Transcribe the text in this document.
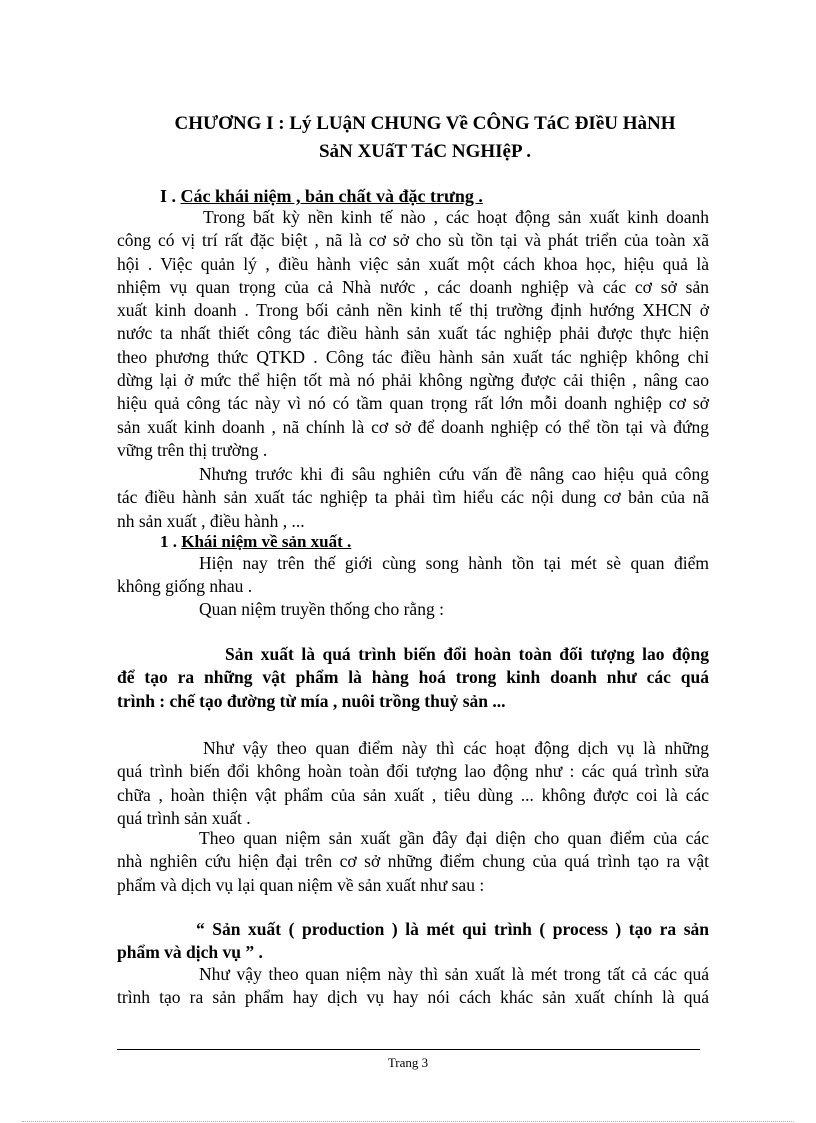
CHƯƠNG I : Lý LUậN CHUNG Về CÔNG TáC ĐIềU HàNH
SảN XUấT TáC NGHIệP .
I . Các khái niệm , bản chất và đặc trưng .
Trong bất kỳ nền kinh tế nào , các hoạt động sản xuất kinh doanh
công có vị trí rất đặc biệt , nã là cơ sở cho sù tồn tại và phát triển của toàn xã
hội . Việc quản lý , điều hành việc sản xuất một cách khoa học, hiệu quả là
nhiệm vụ quan trọng của cả Nhà nước , các doanh nghiệp và các cơ sở sản
xuất kinh doanh . Trong bối cảnh nền kinh tế thị trường định hướng XHCN ở
nước ta nhất thiết công tác điều hành sản xuất tác nghiệp phải được thực hiện
theo phương thức QTKD . Công tác điều hành sản xuất tác nghiệp không chỉ
dừng lại ở mức thể hiện tốt mà nó phải không ngừng được cải thiện , nâng cao
hiệu quả công tác này vì nó có tầm quan trọng rất lớn mỗi doanh nghiệp cơ sở
sản xuất kinh doanh , nã chính là cơ sở để doanh nghiệp có thể tồn tại và đứng
vững trên thị trường .
Nhưng trước khi đi sâu nghiên cứu vấn đề nâng cao hiệu quả công
tác điều hành sản xuất tác nghiệp ta phải tìm hiểu các nội dung cơ bản của nã
nh sản xuất , điều hành , ...
1 . Khái niệm về sản xuất .
Hiện nay trên thế giới cùng song hành tồn tại mét sè quan điểm
không giống nhau .
Quan niệm truyền thống cho rằng :
Sản xuất là quá trình biến đổi hoàn toàn đối tượng lao động
để tạo ra những vật phẩm là hàng hoá trong kinh doanh như các quá
trình : chế tạo đường từ mía , nuôi trồng thuỷ sản ...
Như vậy theo quan điểm này thì các hoạt động dịch vụ là những
quá trình biến đổi không hoàn toàn đối tượng lao động như : các quá trình sửa
chữa , hoàn thiện vật phẩm của sản xuất , tiêu dùng ... không được coi là các
quá trình sản xuất .
Theo quan niệm sản xuất gần đây đại diện cho quan điểm của các
nhà nghiên cứu hiện đại trên cơ sở những điểm chung của quá trình tạo ra vật
phẩm và dịch vụ lại quan niệm về sản xuất như sau :
“ Sản xuất ( production ) là mét qui trình ( process ) tạo ra sản
phẩm và dịch vụ ” .
Như vậy theo quan niệm này thì sản xuất là mét trong tất cả các quá
trình tạo ra sản phẩm hay dịch vụ hay nói cách khác sản xuất chính là quá
Trang 3
